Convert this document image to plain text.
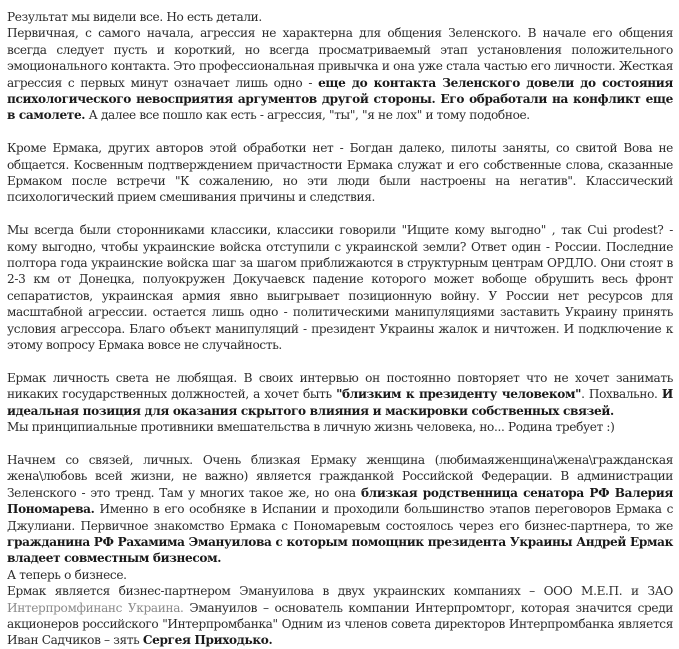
Результат мы видели все. Но есть детали.
Первичная, с самого начала, агрессия не характерна для общения Зеленского. В начале его общения всегда следует пусть и короткий, но всегда просматриваемый этап установления положительного эмоционального контакта. Это профессиональная привычка и она уже стала частью его личности. Жесткая агрессия с первых минут означает лишь одно - еще до контакта Зеленского довели до состояния психологического невосприятия аргументов другой стороны. Его обработали на конфликт еще в самолете. А далее все пошло как есть - агрессия, "ты", "я не лох" и тому подобное.

Кроме Ермака, других авторов этой обработки нет - Богдан далеко, пилоты заняты, со свитой Вова не общается. Косвенным подтверждением причастности Ермака служат и его собственные слова, сказанные Ермаком после встречи "К сожалению, но эти люди были настроены на негатив". Классический психологический прием смешивания причины и следствия.

Мы всегда были сторонниками классики, классики говорили "Ищите кому выгодно" , так Cui prodest? - кому выгодно, чтобы украинские войска отступили с украинской земли? Ответ один - России. Последние полтора года украинские войска шаг за шагом приближаются в структурным центрам ОРДЛО. Они стоят в 2-3 км от Донецка, полуокружен Докучаевск падение которого может вобоще обрушить весь фронт сепаратистов, украинская армия явно выигрывает позиционную войну. У России нет ресурсов для масштабной агрессии. остается лишь одно - политическими манипуляциями заставить Украину принять условия агрессора. Благо объект манипуляций - президент Украины жалок и ничтожен. И подключение к этому вопросу Ермака вовсе не случайность.

Ермак личность света не любящая. В своих интервью он постоянно повторяет что не хочет занимать никаких государственных должностей, а хочет быть "близким к президенту человеком". Похвально. И идеальная позиция для оказания скрытого влияния и маскировки собственных связей.
Мы принципиальные противники вмешательства в личную жизнь человека, но... Родина требует :)

Начнем со связей, личных. Очень близкая Ермаку женщина (любимаяженщина\жена\гражданская жена\любовь всей жизни, не важно) является гражданкой Российской Федерации. В администрации Зеленского - это тренд. Там у многих такое же, но она близкая родственница сенатора РФ Валерия Пономарева. Именно в его особняке в Испании и проходили большинство этапов переговоров Ермака с Джулиани. Первичное знакомство Ермака с Пономаревым состоялось через его бизнес-партнера, то же гражданина РФ Рахамима Эмануилова с которым помощник президента Украины Андрей Ермак владеет совместным бизнесом.
А теперь о бизнесе.
Ермак является бизнес-партнером Эмануилова в двух украинских компаниях – ООО М.Е.П. и ЗАО Интерпромфинанс Украина. Эмануилов – основатель компании Интерпромторг, которая значится среди акционеров российского "Интерпромбанка" Одним из членов совета директоров Интерпромбанка является Иван Садчиков – зять Сергея Приходько.
